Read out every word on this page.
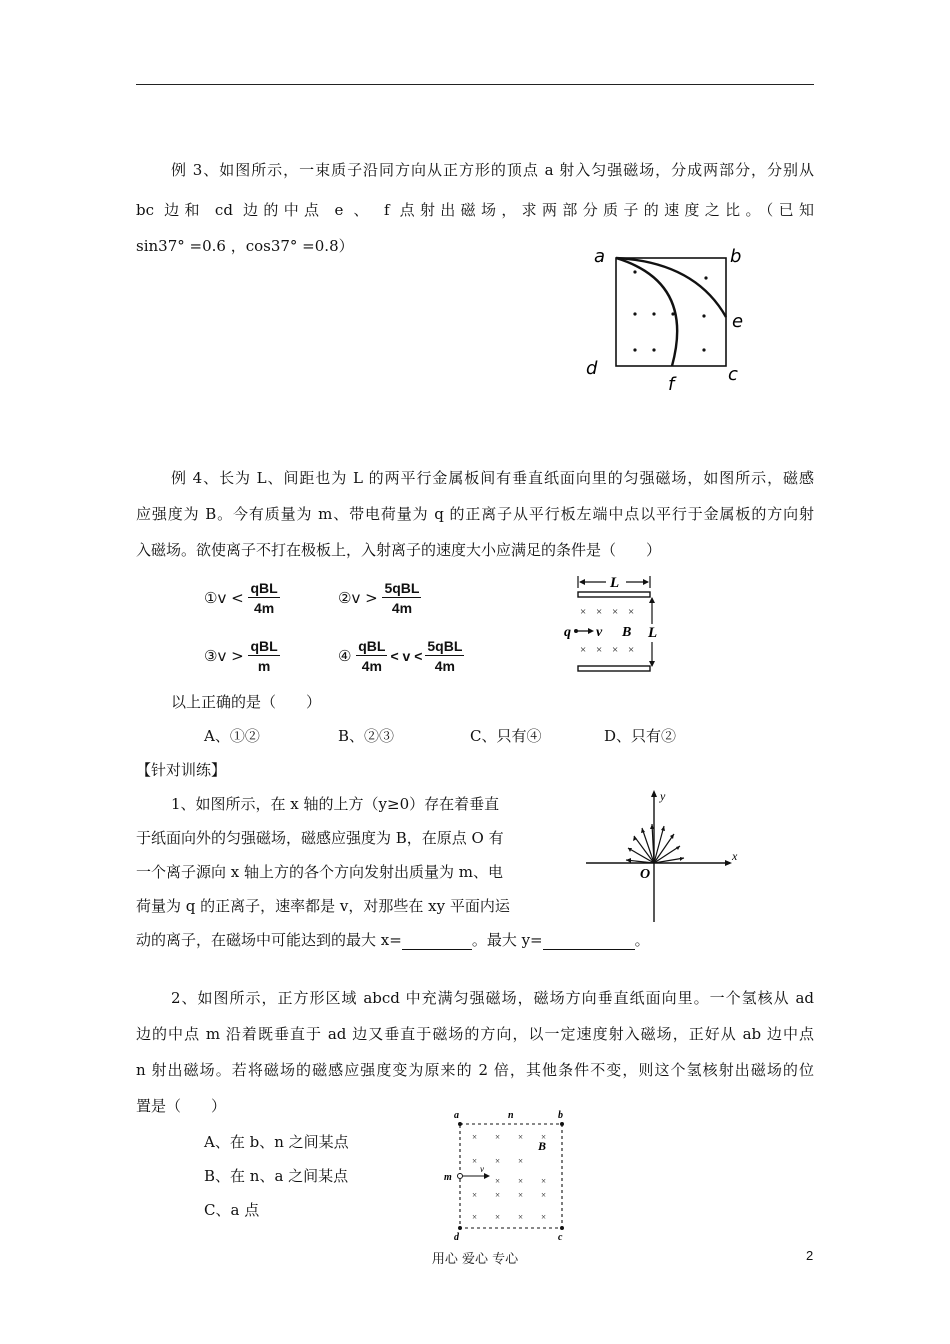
例 3、如图所示，一束质子沿同方向从正方形的顶点 a 射入匀强磁场，分成两部分，分别从
bc 边和 cd 边的中点 e 、 f 点射出磁场，求两部分质子的速度之比。（已知
sin37° =0.6 ，cos37° =0.8）	a	b
e
c
d
f
例 4、长为 L、间距也为 L 的两平行金属板间有垂直纸面向里的匀强磁场，如图所示，磁感
应强度为 B。今有质量为 m、带电荷量为 q 的正离子从平行板左端中点以平行于金属板的方向射
入磁场。欲使离子不打在极板上，入射离子的速度大小应满足的条件是（　　）
①v <
$\frac{\text{qBL}}{4m}$	②v >
$\frac{\text{5qBL}}{4m}$
③v >
$\frac{\text{qBL}}{m}$	④
$\frac{\text{qBL}}{4m} < v < \frac{\text{5qBL}}{4m}$
L
L
× × × ×
× × × ×
q v B
以上正确的是（　　）
A、①②	B、②③	C、只有④	D、只有②
【针对训练】
1、如图所示，在 x 轴的上方（y≥0）存在着垂直
于纸面向外的匀强磁场，磁感应强度为 B，在原点 O 有
一个离子源向 x 轴上方的各个方向发射出质量为 m、电
荷量为 q 的正离子，速率都是 v，对那些在 xy 平面内运
动的离子，在磁场中可能达到的最大 x=	。最大 y=	。
y
x
O
2、如图所示，正方形区域 abcd 中充满匀强磁场，磁场方向垂直纸面向里。一个氢核从 ad
边的中点 m 沿着既垂直于 ad 边又垂直于磁场的方向，以一定速度射入磁场，正好从 ab 边中点
n 射出磁场。若将磁场的磁感应强度变为原来的 2 倍，其他条件不变，则这个氢核射出磁场的位
置是（　　）
A、在 b、n 之间某点
B、在 n、a 之间某点
C、a 点
a	n	b
B
m
v
d	c
× × × ×
× × ×
× × ×
× × × ×
× × × ×
用心 爱心 专心	2
